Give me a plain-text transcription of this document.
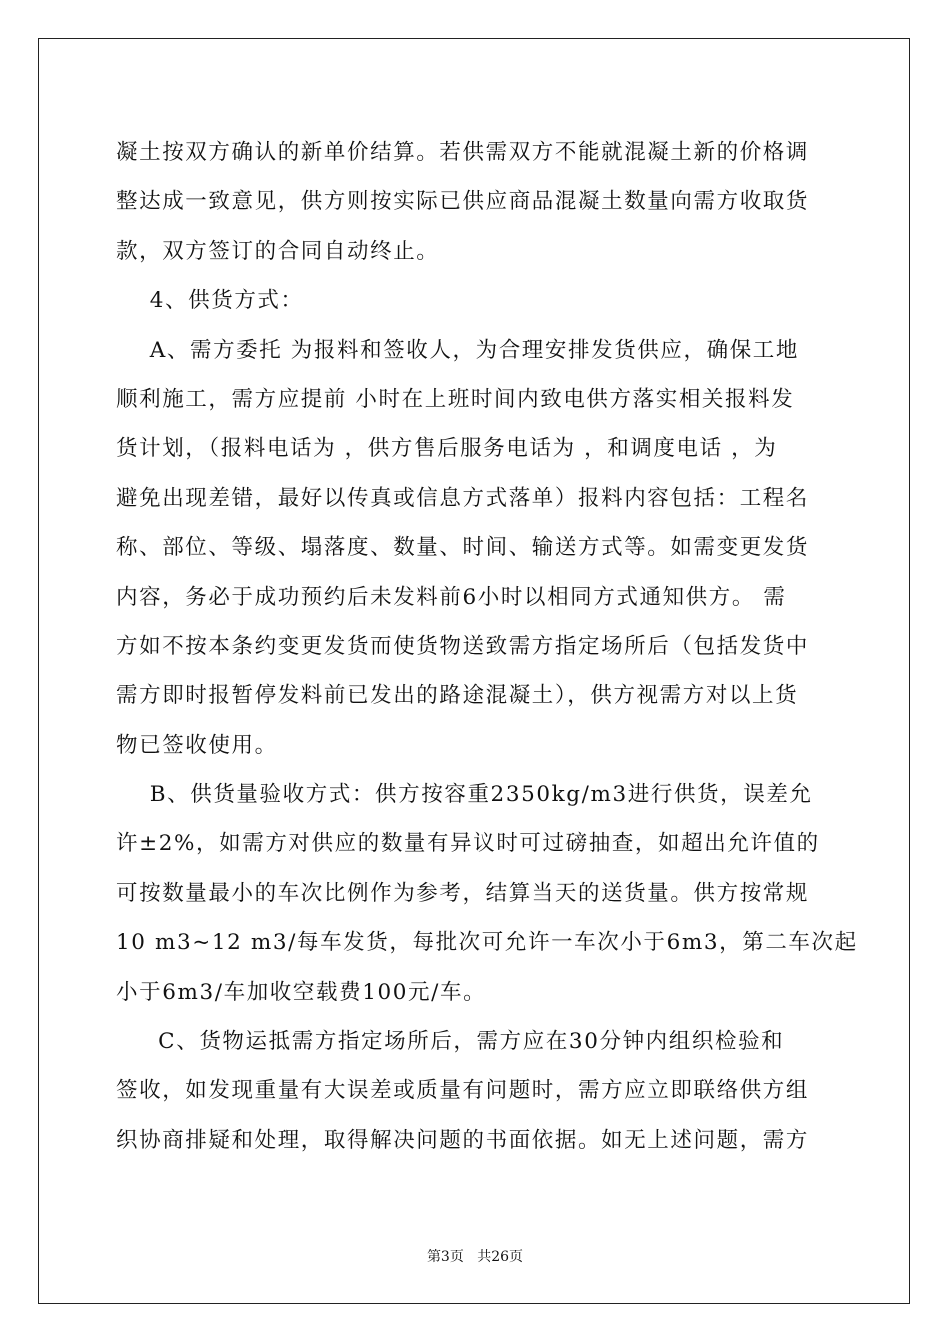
凝土按双方确认的新单价结算。若供需双方不能就混凝土新的价格调
整达成一致意见，供方则按实际已供应商品混凝土数量向需方收取货
款，双方签订的合同自动终止。
4、供货方式：
A、需方委托 为报料和签收人，为合理安排发货供应，确保工地
顺利施工，需方应提前 小时在上班时间内致电供方落实相关报料发
货计划，（报料电话为 ，供方售后服务电话为 ，和调度电话 ，为
避免出现差错，最好以传真或信息方式落单）报料内容包括：工程名
称、部位、等级、塌落度、数量、时间、输送方式等。如需变更发货
内容，务必于成功预约后未发料前6小时以相同方式通知供方。 需
方如不按本条约变更发货而使货物送致需方指定场所后（包括发货中
需方即时报暂停发料前已发出的路途混凝土），供方视需方对以上货
物已签收使用。
B、供货量验收方式：供方按容重2350kg/m3进行供货，误差允
许±2%，如需方对供应的数量有异议时可过磅抽查，如超出允许值的
可按数量最小的车次比例作为参考，结算当天的送货量。供方按常规
10 m3~12 m3/每车发货，每批次可允许一车次小于6m3，第二车次起
小于6m3/车加收空载费100元/车。
C、货物运抵需方指定场所后，需方应在30分钟内组织检验和
签收，如发现重量有大误差或质量有问题时，需方应立即联络供方组
织协商排疑和处理，取得解决问题的书面依据。如无上述问题，需方
第3页 共26页
